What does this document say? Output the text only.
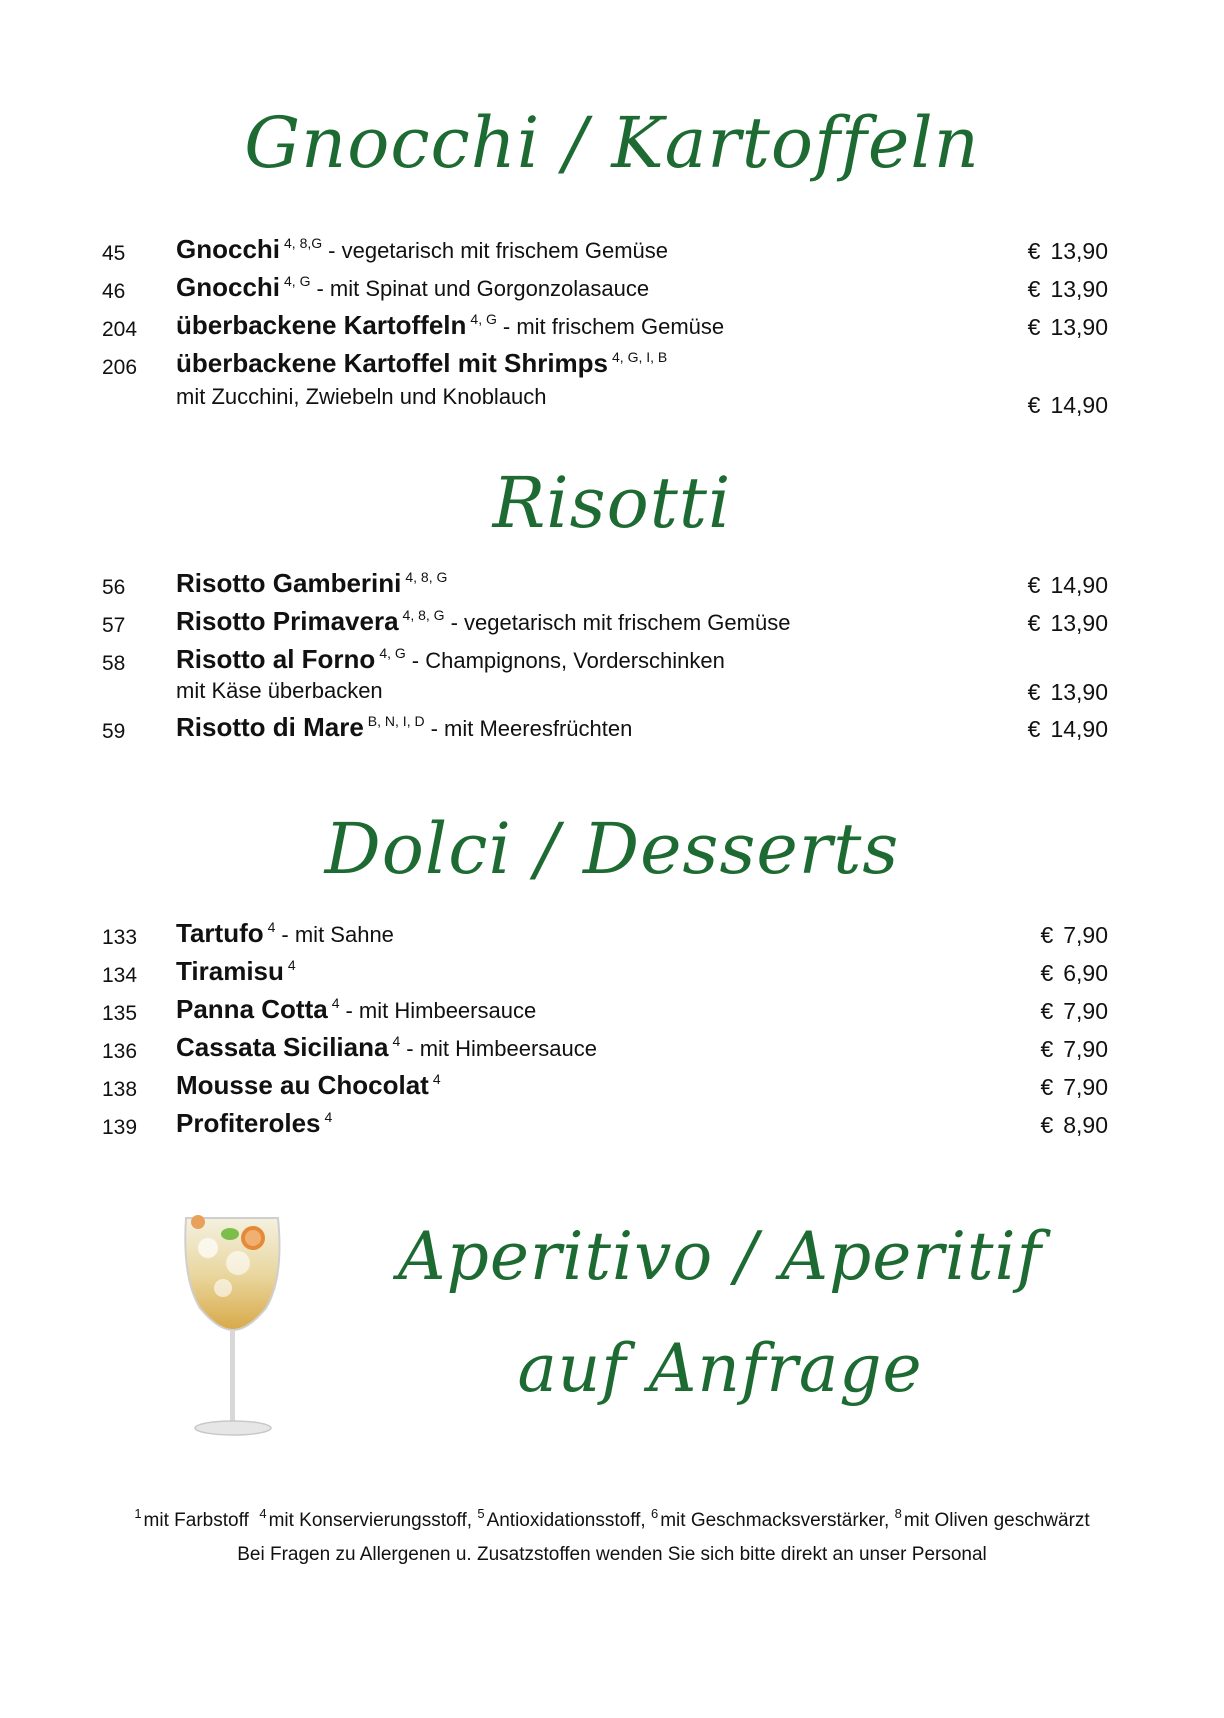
Gnocchi / Kartoffeln
45 Gnocchi $^{4, 8,G}$ - vegetarisch mit frischem Gemüse	€ 13,90
46 Gnocchi $^{4, G}$ - mit Spinat und Gorgonzolasauce	€ 13,90
204 überbackene Kartoffeln $^{4, G}$ - mit frischem Gemüse	€ 13,90
206 überbackene Kartoffel mit Shrimps $^{4, G, I, B}$
mit Zucchini, Zwiebeln und Knoblauch	€ 14,90
Risotti
56 Risotto Gamberini $^{4, 8, G}$	€ 14,90
57 Risotto Primavera $^{4, 8, G}$ - vegetarisch mit frischem Gemüse	€ 13,90
58 Risotto al Forno $^{4, G}$ - Champignons, Vorderschinken
mit Käse überbacken	€ 13,90
59 Risotto di Mare $^{B, N, I, D}$ - mit Meeresfrüchten	€ 14,90
Dolci / Desserts
133 Tartufo $^4$ - mit Sahne	€ 7,90
134 Tiramisu $^4$	€ 6,90
135 Panna Cotta $^4$ - mit Himbeersauce	€ 7,90
136 Cassata Siciliana $^4$ - mit Himbeersauce	€ 7,90
138 Mousse au Chocolat $^4$	€ 7,90
139 Profiteroles $^4$	€ 8,90
Aperitivo / Aperitif
auf Anfrage
$^1$ mit Farbstoff $^4$ mit Konservierungsstoff, $^5$ Antioxidationsstoff, $^6$ mit Geschmacksverstärker, $^8$ mit Oliven geschwärzt
Bei Fragen zu Allergenen u. Zusatzstoffen wenden Sie sich bitte direkt an unser Personal
